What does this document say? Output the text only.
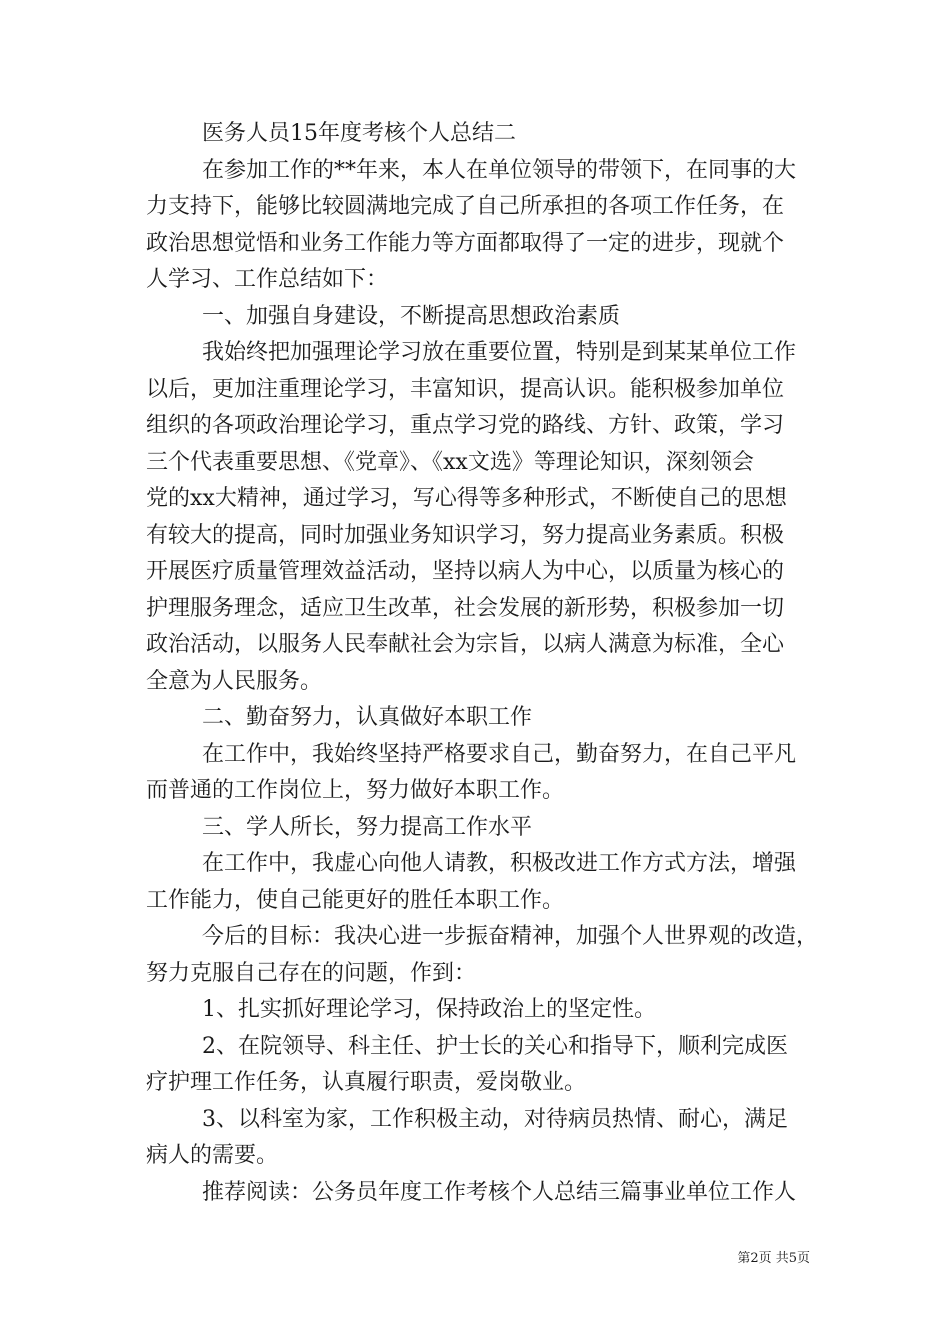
医务人员15年度考核个人总结二
在参加工作的**年来，本人在单位领导的带领下，在同事的大
力支持下，能够比较圆满地完成了自己所承担的各项工作任务，在
政治思想觉悟和业务工作能力等方面都取得了一定的进步，现就个
人学习、工作总结如下：
一、加强自身建设，不断提高思想政治素质
我始终把加强理论学习放在重要位置，特别是到某某单位工作
以后，更加注重理论学习，丰富知识，提高认识。能积极参加单位
组织的各项政治理论学习，重点学习党的路线、方针、政策，学习
三个代表重要思想、《党章》、《xx文选》等理论知识，深刻领会
党的xx大精神，通过学习，写心得等多种形式，不断使自己的思想
有较大的提高，同时加强业务知识学习，努力提高业务素质。积极
开展医疗质量管理效益活动，坚持以病人为中心，以质量为核心的
护理服务理念，适应卫生改革，社会发展的新形势，积极参加一切
政治活动，以服务人民奉献社会为宗旨，以病人满意为标准，全心
全意为人民服务。
二、勤奋努力，认真做好本职工作
在工作中，我始终坚持严格要求自己，勤奋努力，在自己平凡
而普通的工作岗位上，努力做好本职工作。
三、学人所长，努力提高工作水平
在工作中，我虚心向他人请教，积极改进工作方式方法，增强
工作能力，使自己能更好的胜任本职工作。
今后的目标：我决心进一步振奋精神，加强个人世界观的改造，
努力克服自己存在的问题，作到：
1、扎实抓好理论学习，保持政治上的坚定性。
2、在院领导、科主任、护士长的关心和指导下，顺利完成医
疗护理工作任务，认真履行职责，爱岗敬业。
3、以科室为家，工作积极主动，对待病员热情、耐心，满足
病人的需要。
推荐阅读：公务员年度工作考核个人总结三篇事业单位工作人
第2页 共5页
